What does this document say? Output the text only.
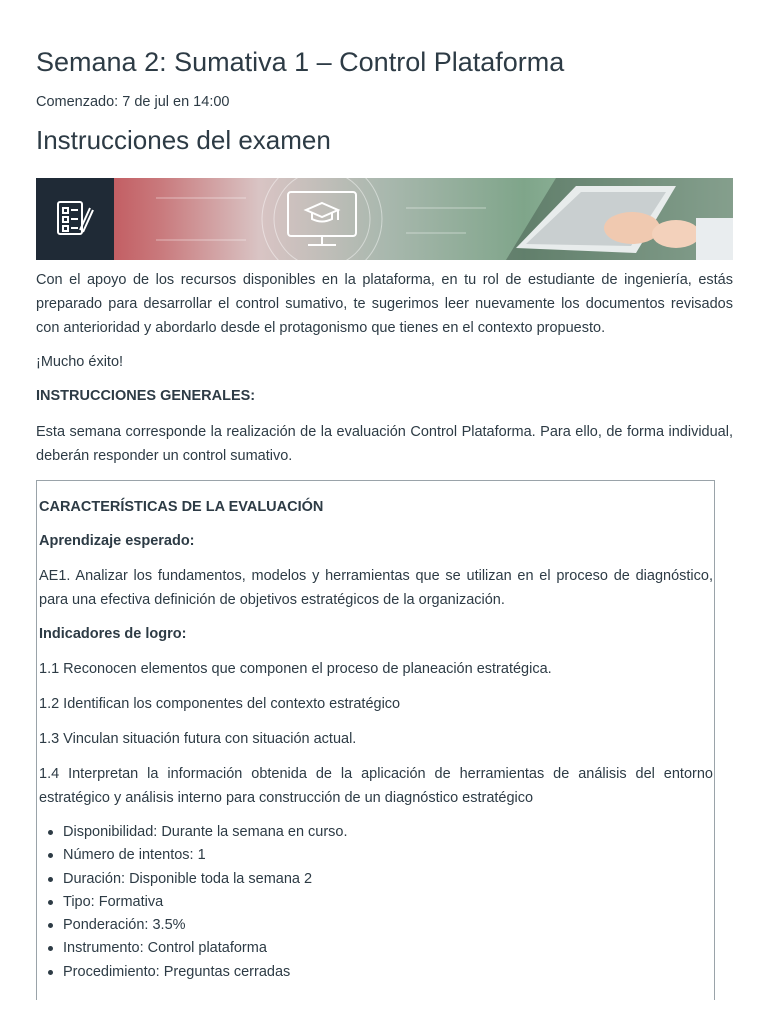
Semana 2: Sumativa 1 – Control Plataforma

Comenzado: 7 de jul en 14:00

Instrucciones del examen

Con el apoyo de los recursos disponibles en la plataforma, en tu rol de estudiante de ingeniería, estás preparado para desarrollar el control sumativo, te sugerimos leer nuevamente los documentos revisados con anterioridad y abordarlo desde el protagonismo que tienes en el contexto propuesto.

¡Mucho éxito!

INSTRUCCIONES GENERALES:

Esta semana corresponde la realización de la evaluación Control Plataforma. Para ello, de forma individual, deberán responder un control sumativo.

CARACTERÍSTICAS DE LA EVALUACIÓN

Aprendizaje esperado:

AE1. Analizar los fundamentos, modelos y herramientas que se utilizan en el proceso de diagnóstico, para una efectiva definición de objetivos estratégicos de la organización.

Indicadores de logro:

1.1 Reconocen elementos que componen el proceso de planeación estratégica.

1.2 Identifican los componentes del contexto estratégico

1.3 Vinculan situación futura con situación actual.

1.4 Interpretan la información obtenida de la aplicación de herramientas de análisis del entorno estratégico y análisis interno para construcción de un diagnóstico estratégico

Disponibilidad: Durante la semana en curso.
Número de intentos: 1
Duración: Disponible toda la semana 2
Tipo: Formativa
Ponderación: 3.5%
Instrumento: Control plataforma
Procedimiento: Preguntas cerradas
